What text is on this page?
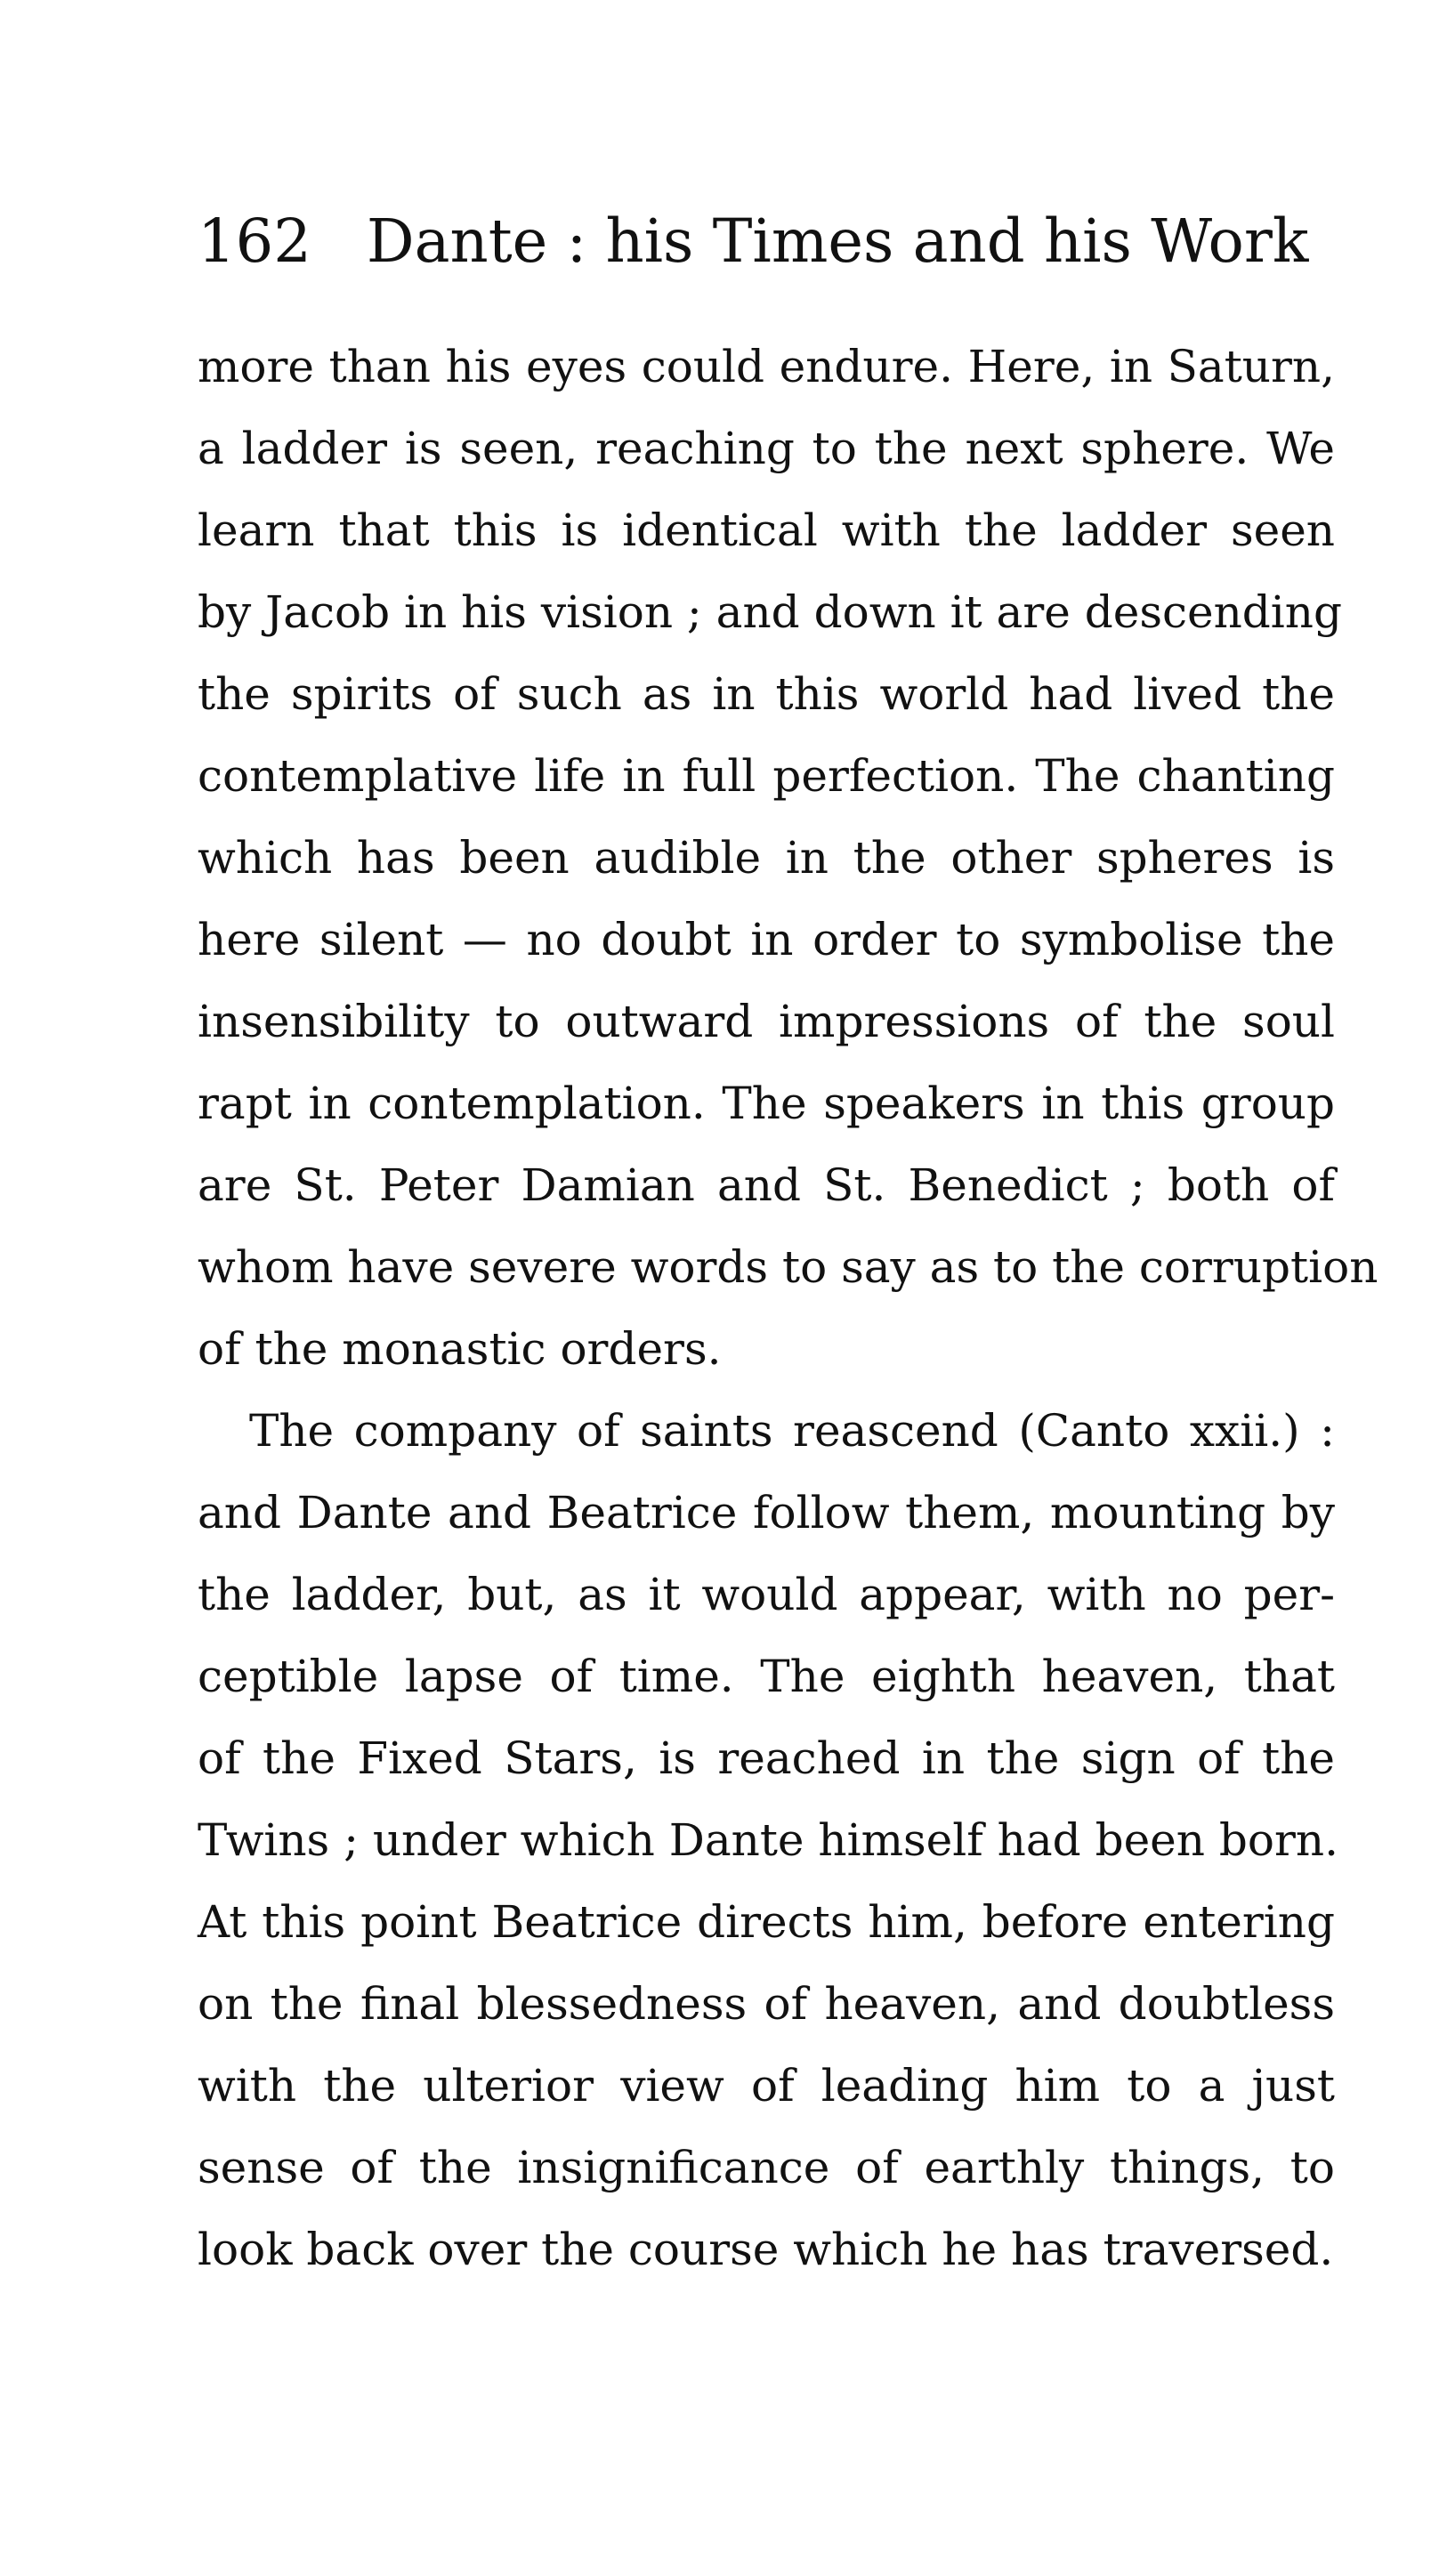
162 Dante : his Times and his Work
more than his eyes could endure. Here, in Saturn,
a ladder is seen, reaching to the next sphere. We
learn that this is identical with the ladder seen
by Jacob in his vision ; and down it are descending
the spirits of such as in this world had lived the
contemplative life in full perfection. The chanting
which has been audible in the other spheres is
here silent — no doubt in order to symbolise the
insensibility to outward impressions of the soul
rapt in contemplation. The speakers in this group
are St. Peter Damian and St. Benedict ; both of
whom have severe words to say as to the corruption
of the monastic orders.
The company of saints reascend (Canto xxii.) :
and Dante and Beatrice follow them, mounting by
the ladder, but, as it would appear, with no per-
ceptible lapse of time. The eighth heaven, that
of the Fixed Stars, is reached in the sign of the
Twins ; under which Dante himself had been born.
At this point Beatrice directs him, before entering
on the final blessedness of heaven, and doubtless
with the ulterior view of leading him to a just
sense of the insignificance of earthly things, to
look back over the course which he has traversed.
